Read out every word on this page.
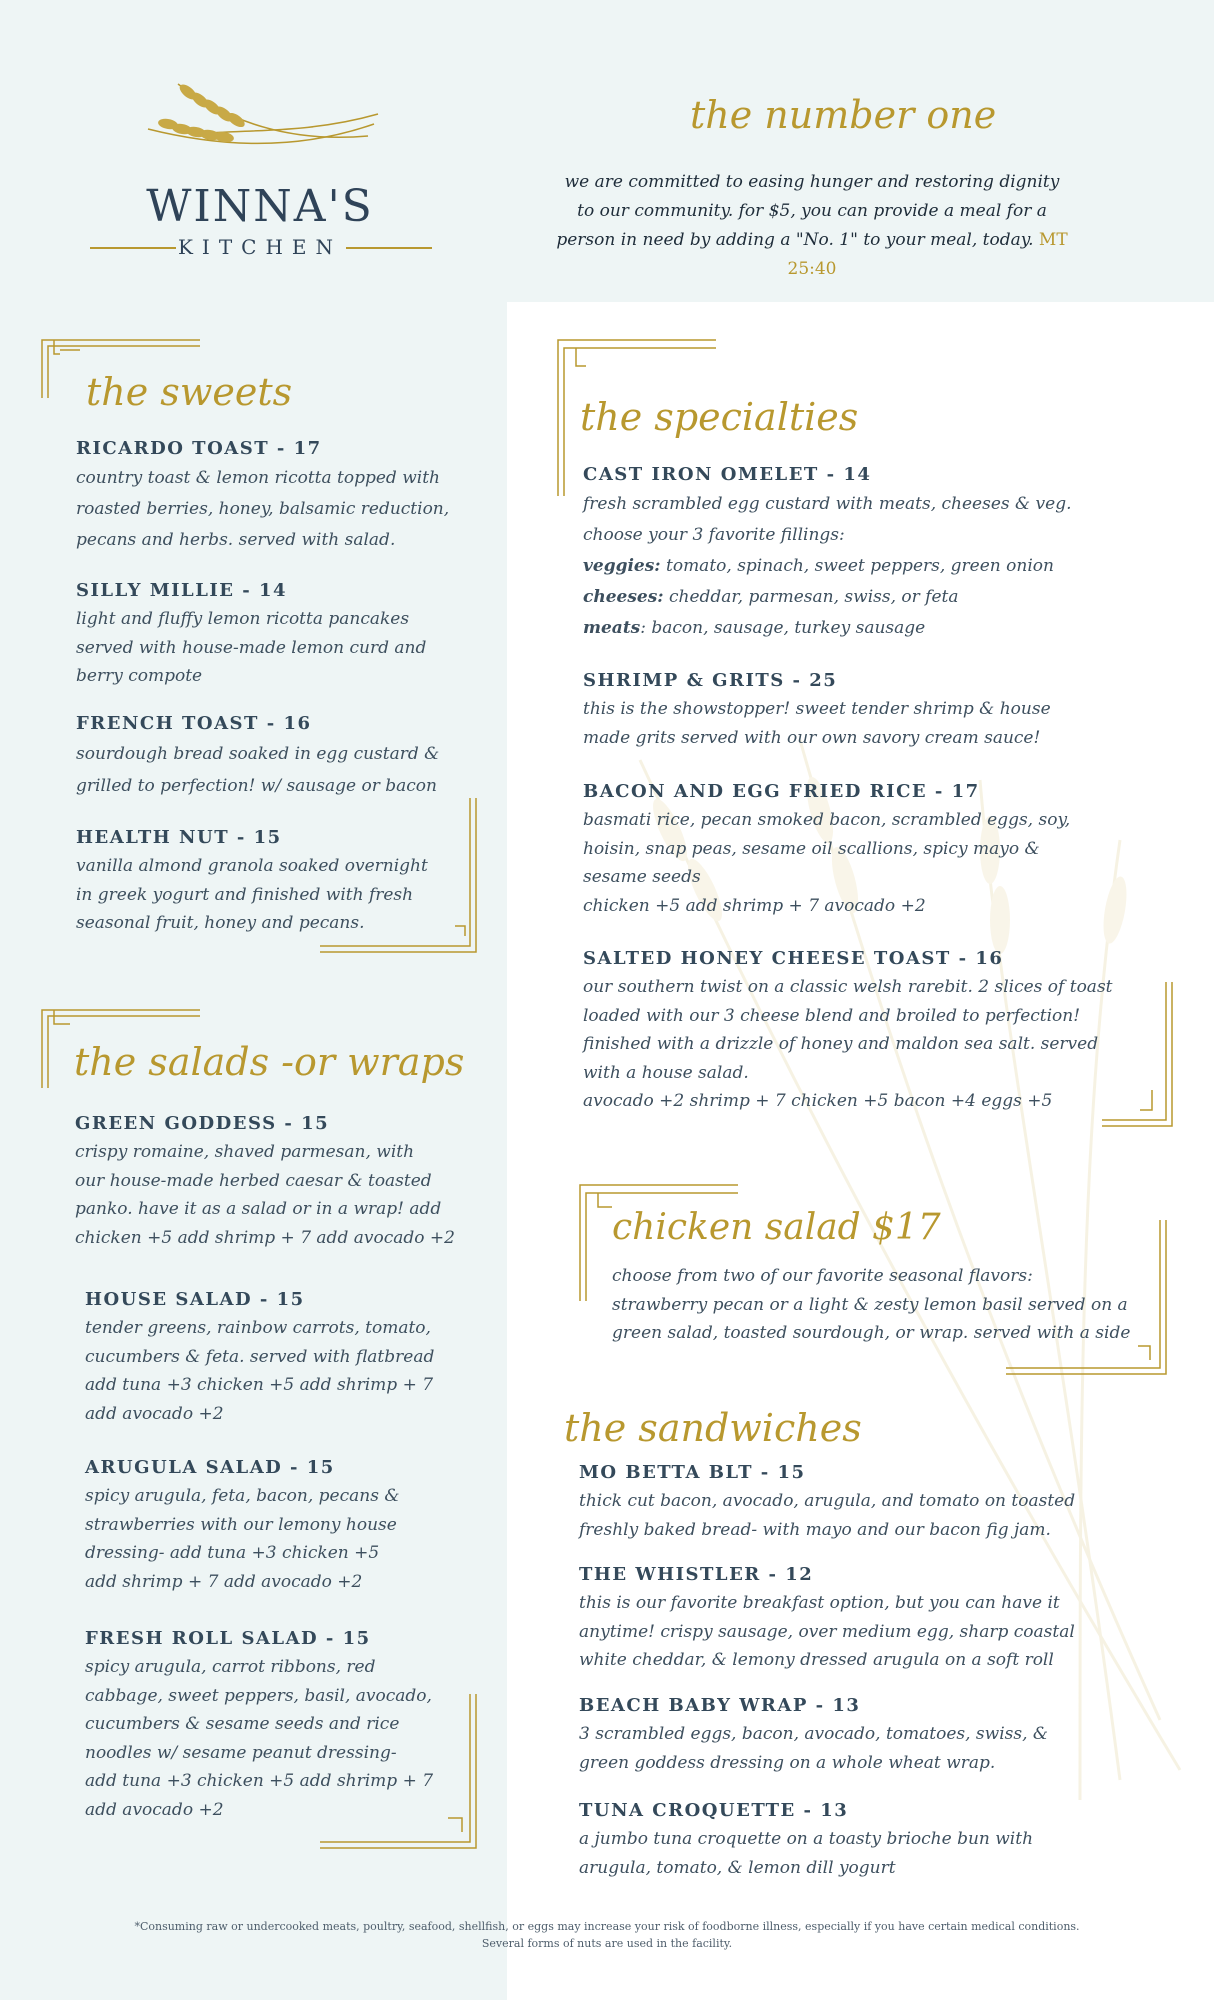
WINNA'S
KITCHEN
the number one
we are committed to easing hunger and restoring dignity to our community. for $5, you can provide a meal for a person in need by adding a "No. 1" to your meal, today. MT 25:40
the sweets
the salads -or wraps
the specialties
chicken salad $17
the sandwiches
RICARDO TOAST - 17
country toast & lemon ricotta topped with
roasted berries, honey, balsamic reduction,
pecans and herbs. served with salad.
SILLY MILLIE - 14
light and fluffy lemon ricotta pancakes
served with house-made lemon curd and
berry compote
FRENCH TOAST - 16
sourdough bread soaked in egg custard &
grilled to perfection! w/ sausage or bacon
HEALTH NUT - 15
vanilla almond granola soaked overnight
in greek yogurt and finished with fresh
seasonal fruit, honey and pecans.
GREEN GODDESS - 15
crispy romaine, shaved parmesan, with
our house-made herbed caesar & toasted
panko. have it as a salad or in a wrap! add
chicken +5 add shrimp + 7 add avocado +2
HOUSE SALAD - 15
tender greens, rainbow carrots, tomato,
cucumbers & feta. served with flatbread
add tuna +3 chicken +5 add shrimp + 7
add avocado +2
ARUGULA SALAD - 15
spicy arugula, feta, bacon, pecans &
strawberries with our lemony house
dressing- add tuna +3 chicken +5
add shrimp + 7 add avocado +2
FRESH ROLL SALAD - 15
spicy arugula, carrot ribbons, red
cabbage, sweet peppers, basil, avocado,
cucumbers & sesame seeds and rice
noodles w/ sesame peanut dressing-
add tuna +3 chicken +5 add shrimp + 7
add avocado +2
CAST IRON OMELET - 14
fresh scrambled egg custard with meats, cheeses & veg.
choose your 3 favorite fillings:
veggies: tomato, spinach, sweet peppers, green onion
cheeses: cheddar, parmesan, swiss, or feta
meats: bacon, sausage, turkey sausage
SHRIMP & GRITS - 25
this is the showstopper! sweet tender shrimp & house
made grits served with our own savory cream sauce!
BACON AND EGG FRIED RICE - 17
basmati rice, pecan smoked bacon, scrambled eggs, soy,
hoisin, snap peas, sesame oil scallions, spicy mayo &
sesame seeds
chicken +5 add shrimp + 7 avocado +2
SALTED HONEY CHEESE TOAST - 16
our southern twist on a classic welsh rarebit. 2 slices of toast
loaded with our 3 cheese blend and broiled to perfection!
finished with a drizzle of honey and maldon sea salt. served
with a house salad.
avocado +2 shrimp + 7 chicken +5 bacon +4 eggs +5
choose from two of our favorite seasonal flavors:
strawberry pecan or a light & zesty lemon basil served on a
green salad, toasted sourdough, or wrap. served with a side
MO BETTA BLT - 15
thick cut bacon, avocado, arugula, and tomato on toasted
freshly baked bread- with mayo and our bacon fig jam.
THE WHISTLER - 12
this is our favorite breakfast option, but you can have it
anytime! crispy sausage, over medium egg, sharp coastal
white cheddar, & lemony dressed arugula on a soft roll
BEACH BABY WRAP - 13
3 scrambled eggs, bacon, avocado, tomatoes, swiss, &
green goddess dressing on a whole wheat wrap.
TUNA CROQUETTE - 13
a jumbo tuna croquette on a toasty brioche bun with
arugula, tomato, & lemon dill yogurt
*Consuming raw or undercooked meats, poultry, seafood, shellfish, or eggs may increase your risk of foodborne illness, especially if you have certain medical conditions. Several forms of nuts are used in the facility.
